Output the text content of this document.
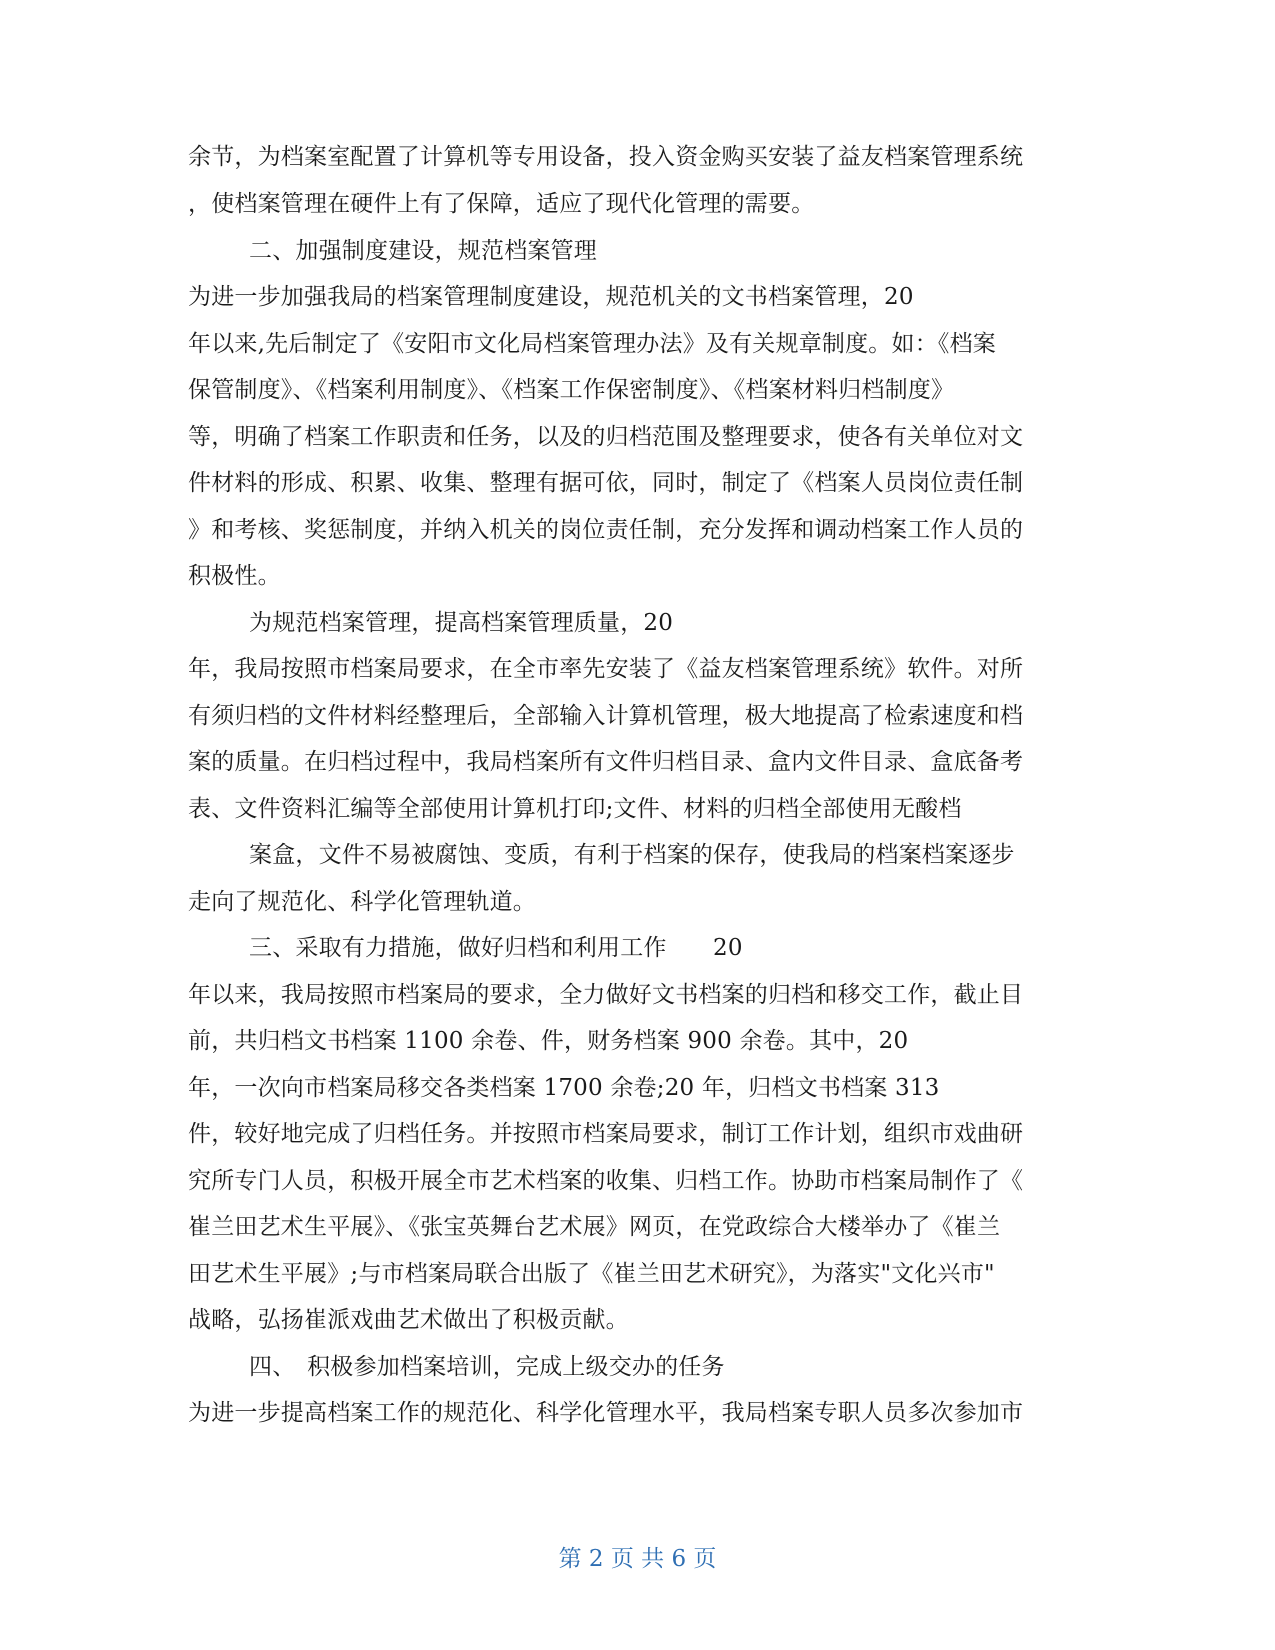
余节，为档案室配置了计算机等专用设备，投入资金购买安装了益友档案管理系统
，使档案管理在硬件上有了保障，适应了现代化管理的需要。
二、加强制度建设，规范档案管理
为进一步加强我局的档案管理制度建设，规范机关的文书档案管理，20
年以来,先后制定了《安阳市文化局档案管理办法》及有关规章制度。如：《档案
保管制度》、《档案利用制度》、《档案工作保密制度》、《档案材料归档制度》
等，明确了档案工作职责和任务，以及的归档范围及整理要求，使各有关单位对文
件材料的形成、积累、收集、整理有据可依，同时，制定了《档案人员岗位责任制
》和考核、奖惩制度，并纳入机关的岗位责任制，充分发挥和调动档案工作人员的
积极性。
为规范档案管理，提高档案管理质量，20
年，我局按照市档案局要求，在全市率先安装了《益友档案管理系统》软件。对所
有须归档的文件材料经整理后，全部输入计算机管理，极大地提高了检索速度和档
案的质量。在归档过程中，我局档案所有文件归档目录、盒内文件目录、盒底备考
表、文件资料汇编等全部使用计算机打印;文件、材料的归档全部使用无酸档
案盒，文件不易被腐蚀、变质，有利于档案的保存，使我局的档案档案逐步
走向了规范化、科学化管理轨道。
三、采取有力措施，做好归档和利用工作　　20
年以来，我局按照市档案局的要求，全力做好文书档案的归档和移交工作，截止目
前，共归档文书档案 1100 余卷、件，财务档案 900 余卷。其中，20
年，一次向市档案局移交各类档案 1700 余卷;20 年，归档文书档案 313
件，较好地完成了归档任务。并按照市档案局要求，制订工作计划，组织市戏曲研
究所专门人员，积极开展全市艺术档案的收集、归档工作。协助市档案局制作了《
崔兰田艺术生平展》、《张宝英舞台艺术展》网页，在党政综合大楼举办了《崔兰
田艺术生平展》;与市档案局联合出版了《崔兰田艺术研究》，为落实"文化兴市"
战略，弘扬崔派戏曲艺术做出了积极贡献。
四、　积极参加档案培训，完成上级交办的任务
为进一步提高档案工作的规范化、科学化管理水平，我局档案专职人员多次参加市
第 2 页 共 6 页
